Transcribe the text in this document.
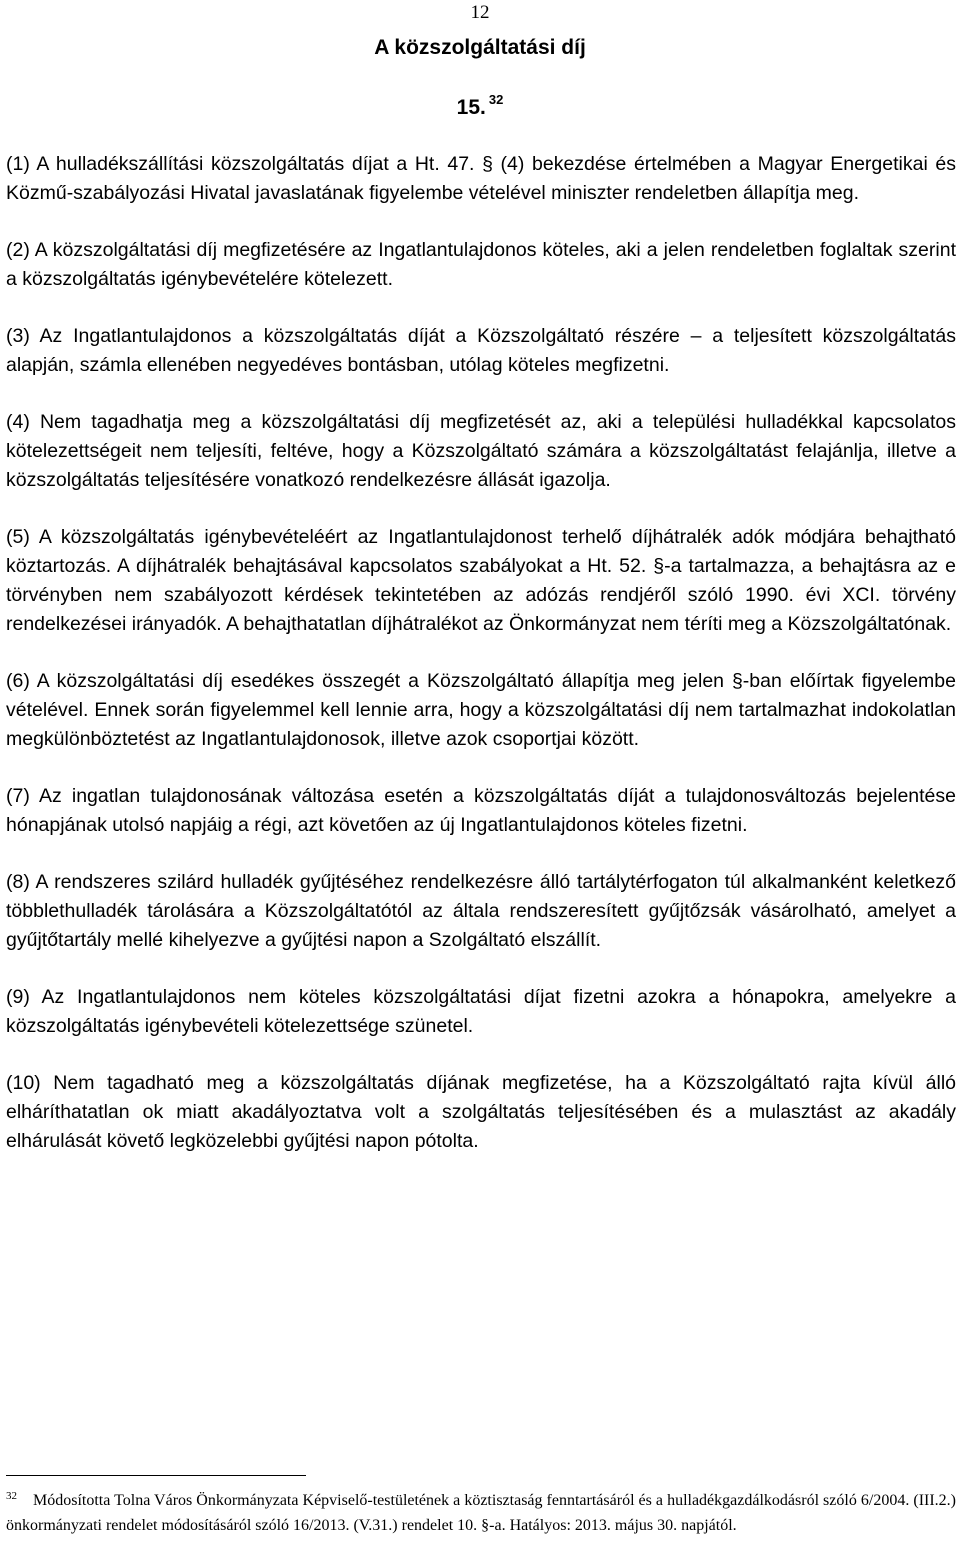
12
A közszolgáltatási díj
15. $^{32}$

(1) A hulladékszállítási közszolgáltatás díjat a Ht. 47. § (4) bekezdése értelmében a Magyar Energetikai és Közmű-szabályozási Hivatal javaslatának figyelembe vételével miniszter rendeletben állapítja meg.

(2) A közszolgáltatási díj megfizetésére az Ingatlantulajdonos köteles, aki a jelen rendeletben foglaltak szerint a közszolgáltatás igénybevételére kötelezett.

(3) Az Ingatlantulajdonos a közszolgáltatás díját a Közszolgáltató részére – a teljesített közszolgáltatás alapján, számla ellenében negyedéves bontásban, utólag köteles megfizetni.

(4) Nem tagadhatja meg a közszolgáltatási díj megfizetését az, aki a települési hulladékkal kapcsolatos kötelezettségeit nem teljesíti, feltéve, hogy a Közszolgáltató számára a közszolgáltatást felajánlja, illetve a közszolgáltatás teljesítésére vonatkozó rendelkezésre állását igazolja.

(5) A közszolgáltatás igénybevételéért az Ingatlantulajdonost terhelő díjhátralék adók módjára behajtható köztartozás. A díjhátralék behajtásával kapcsolatos szabályokat a Ht. 52. §-a tartalmazza, a behajtásra az e törvényben nem szabályozott kérdések tekintetében az adózás rendjéről szóló 1990. évi XCI. törvény rendelkezései irányadók. A behajthatatlan díjhátralékot az Önkormányzat nem téríti meg a Közszolgáltatónak.

(6) A közszolgáltatási díj esedékes összegét a Közszolgáltató állapítja meg jelen §-ban előírtak figyelembe vételével. Ennek során figyelemmel kell lennie arra, hogy a közszolgáltatási díj nem tartalmazhat indokolatlan megkülönböztetést az Ingatlantulajdonosok, illetve azok csoportjai között.

(7) Az ingatlan tulajdonosának változása esetén a közszolgáltatás díját a tulajdonosváltozás bejelentése hónapjának utolsó napjáig a régi, azt követően az új Ingatlantulajdonos köteles fizetni.

(8) A rendszeres szilárd hulladék gyűjtéséhez rendelkezésre álló tartálytérfogaton túl alkalmanként keletkező többlethulladék tárolására a Közszolgáltatótól az általa rendszeresített gyűjtőzsák vásárolható, amelyet a gyűjtőtartály mellé kihelyezve a gyűjtési napon a Szolgáltató elszállít.

(9) Az Ingatlantulajdonos nem köteles közszolgáltatási díjat fizetni azokra a hónapokra, amelyekre a közszolgáltatás igénybevételi kötelezettsége szünetel.

(10) Nem tagadható meg a közszolgáltatás díjának megfizetése, ha a Közszolgáltató rajta kívül álló elháríthatatlan ok miatt akadályoztatva volt a szolgáltatás teljesítésében és a mulasztást az akadály elhárulását követő legközelebbi gyűjtési napon pótolta.

$^{32}$ Módosította Tolna Város Önkormányzata Képviselő-testületének a köztisztaság fenntartásáról és a hulladékgazdálkodásról szóló 6/2004. (III.2.) önkormányzati rendelet módosításáról szóló 16/2013. (V.31.) rendelet 10. §-a. Hatályos: 2013. május 30. napjától.
